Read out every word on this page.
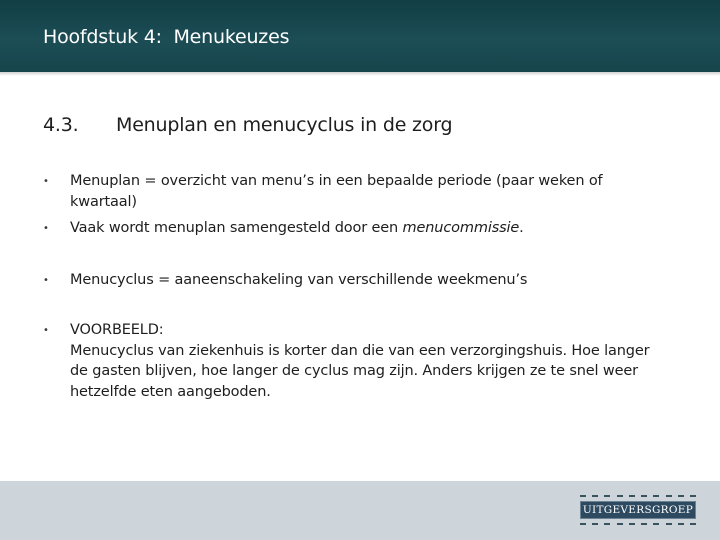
Hoofdstuk 4:  Menukeuzes
4.3. Menuplan en menucyclus in de zorg
• Menuplan = overzicht van menu’s in een bepaalde periode (paar weken of kwartaal)
• Vaak wordt menuplan samengesteld door een menucommissie.
• Menucyclus = aaneenschakeling van verschillende weekmenu’s
• VOORBEELD:
Menucyclus van ziekenhuis is korter dan die van een verzorgingshuis. Hoe langer de gasten blijven, hoe langer de cyclus mag zijn. Anders krijgen ze te snel weer hetzelfde eten aangeboden.
UITGEVERSGROEP
